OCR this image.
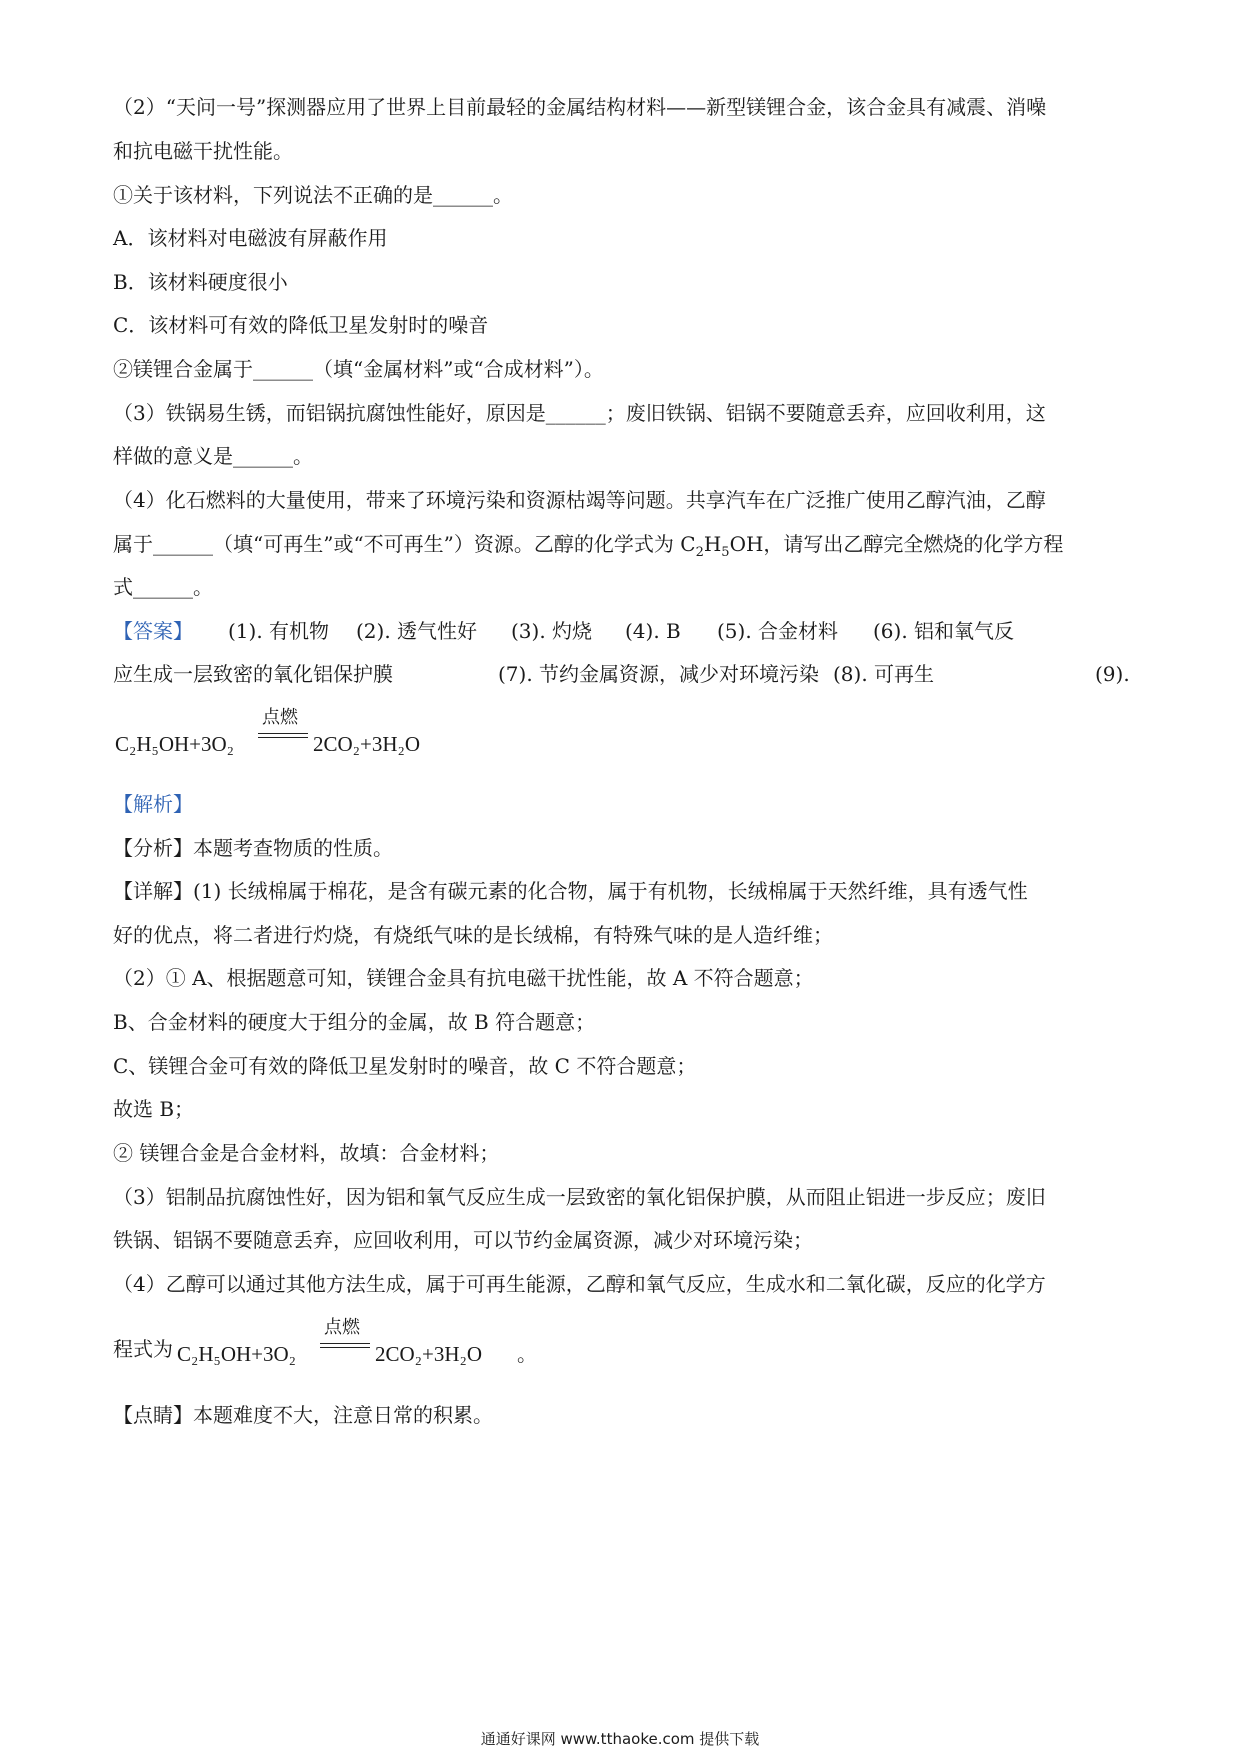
（2）“天问一号”探测器应用了世界上目前最轻的金属结构材料——新型镁锂合金，该合金具有减震、消噪
和抗电磁干扰性能。
①关于该材料，下列说法不正确的是______。
A．该材料对电磁波有屏蔽作用
B．该材料硬度很小
C．该材料可有效的降低卫星发射时的噪音
②镁锂合金属于______（填“金属材料”或“合成材料”）。
（3）铁锅易生锈，而铝锅抗腐蚀性能好，原因是______；废旧铁锅、铝锅不要随意丢弃，应回收利用，这
样做的意义是______。
（4）化石燃料的大量使用，带来了环境污染和资源枯竭等问题。共享汽车在广泛推广使用乙醇汽油，乙醇
属于______（填“可再生”或“不可再生”）资源。乙醇的化学式为 $C_2H_5OH$，请写出乙醇完全燃烧的化学方程
式______。
【答案】 (1). 有机物 (2). 透气性好 (3). 灼烧 (4). B (5). 合金材料 (6). 铝和氧气反
应生成一层致密的氧化铝保护膜	(7). 节约金属资源，减少对环境污染 (8). 可再生	(9).
C₂H₅OH+3O₂
点燃
2CO₂+3H₂O
【解析】
【分析】本题考查物质的性质。
【详解】(1) 长绒棉属于棉花，是含有碳元素的化合物，属于有机物，长绒棉属于天然纤维，具有透气性
好的优点，将二者进行灼烧，有烧纸气味的是长绒棉，有特殊气味的是人造纤维；
（2）① A、根据题意可知，镁锂合金具有抗电磁干扰性能，故 A 不符合题意；
B、合金材料的硬度大于组分的金属，故 B 符合题意；
C、镁锂合金可有效的降低卫星发射时的噪音，故 C 不符合题意；
故选 B；
② 镁锂合金是合金材料，故填：合金材料；
（3）铝制品抗腐蚀性好，因为铝和氧气反应生成一层致密的氧化铝保护膜，从而阻止铝进一步反应；废旧
铁锅、铝锅不要随意丢弃，应回收利用，可以节约金属资源，减少对环境污染；
（4）乙醇可以通过其他方法生成，属于可再生能源，乙醇和氧气反应，生成水和二氧化碳，反应的化学方
程式为 C₂H₅OH+3O₂
点燃
2CO₂+3H₂O 。
【点睛】本题难度不大，注意日常的积累。
通通好课网 www.tthaoke.com 提供下载
